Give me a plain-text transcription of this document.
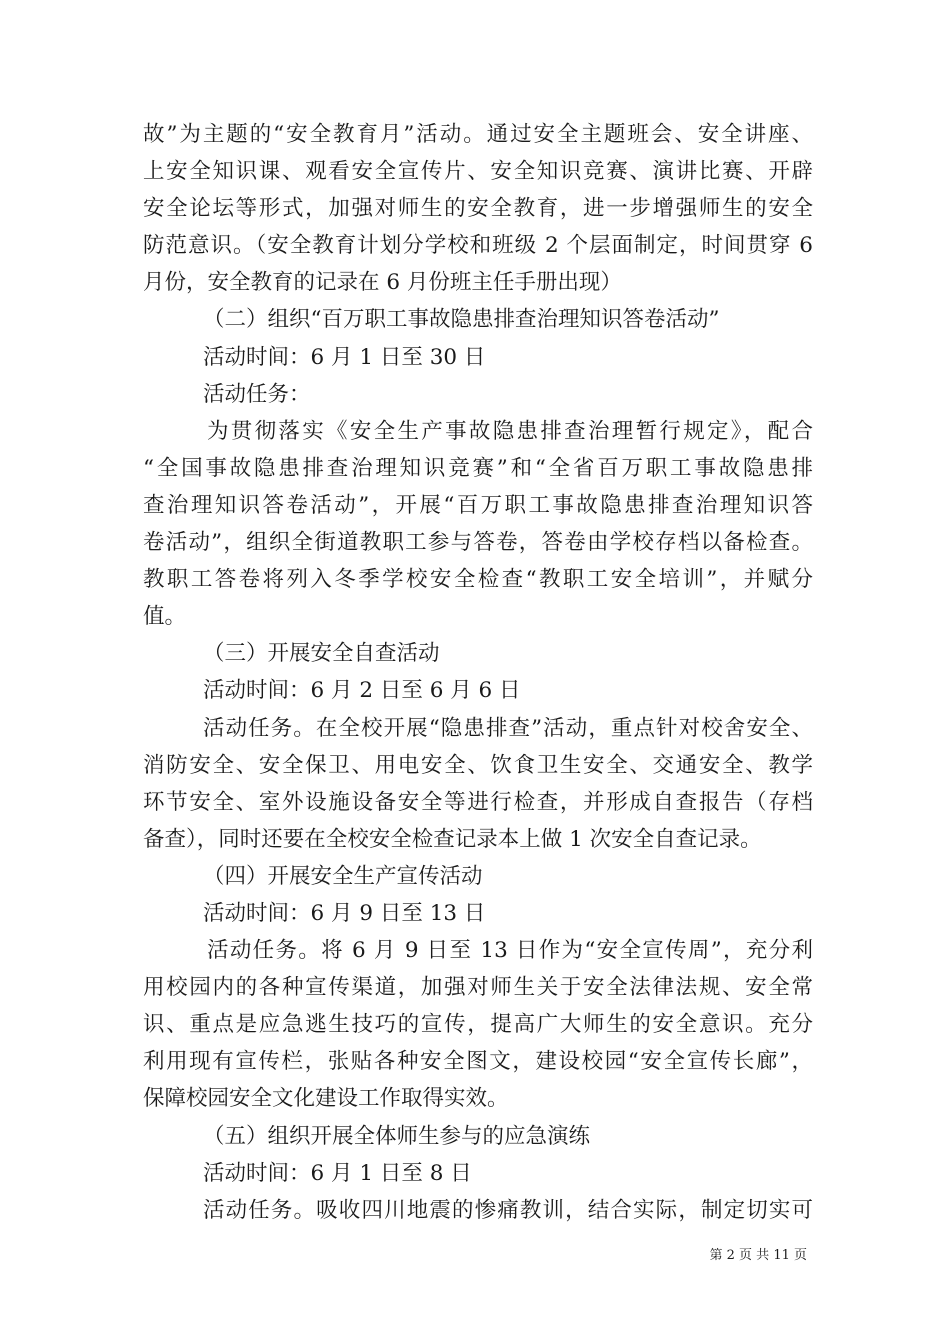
故”为主题的“安全教育月”活动。通过安全主题班会、安全讲座、
上安全知识课、观看安全宣传片、安全知识竞赛、演讲比赛、开辟
安全论坛等形式，加强对师生的安全教育，进一步增强师生的安全
防范意识。（安全教育计划分学校和班级 2 个层面制定，时间贯穿 6
月份，安全教育的记录在 6 月份班主任手册出现）
（二）组织“百万职工事故隐患排查治理知识答卷活动”
活动时间：6 月 1 日至 30 日
活动任务：
为贯彻落实《安全生产事故隐患排查治理暂行规定》，配合
“全国事故隐患排查治理知识竞赛”和“全省百万职工事故隐患排
查治理知识答卷活动”，开展“百万职工事故隐患排查治理知识答
卷活动”，组织全街道教职工参与答卷，答卷由学校存档以备检查。
教职工答卷将列入冬季学校安全检查“教职工安全培训”，并赋分
值。
（三）开展安全自查活动
活动时间：6 月 2 日至 6 月 6 日
活动任务。在全校开展“隐患排查”活动，重点针对校舍安全、
消防安全、安全保卫、用电安全、饮食卫生安全、交通安全、教学
环节安全、室外设施设备安全等进行检查，并形成自查报告（存档
备查），同时还要在全校安全检查记录本上做 1 次安全自查记录。
（四）开展安全生产宣传活动
活动时间：6 月 9 日至 13 日
活动任务。将 6 月 9 日至 13 日作为“安全宣传周”，充分利
用校园内的各种宣传渠道，加强对师生关于安全法律法规、安全常
识、重点是应急逃生技巧的宣传，提高广大师生的安全意识。充分
利用现有宣传栏，张贴各种安全图文，建设校园“安全宣传长廊”，
保障校园安全文化建设工作取得实效。
（五）组织开展全体师生参与的应急演练
活动时间：6 月 1 日至 8 日
活动任务。吸收四川地震的惨痛教训，结合实际，制定切实可
第 2 页 共 11 页
